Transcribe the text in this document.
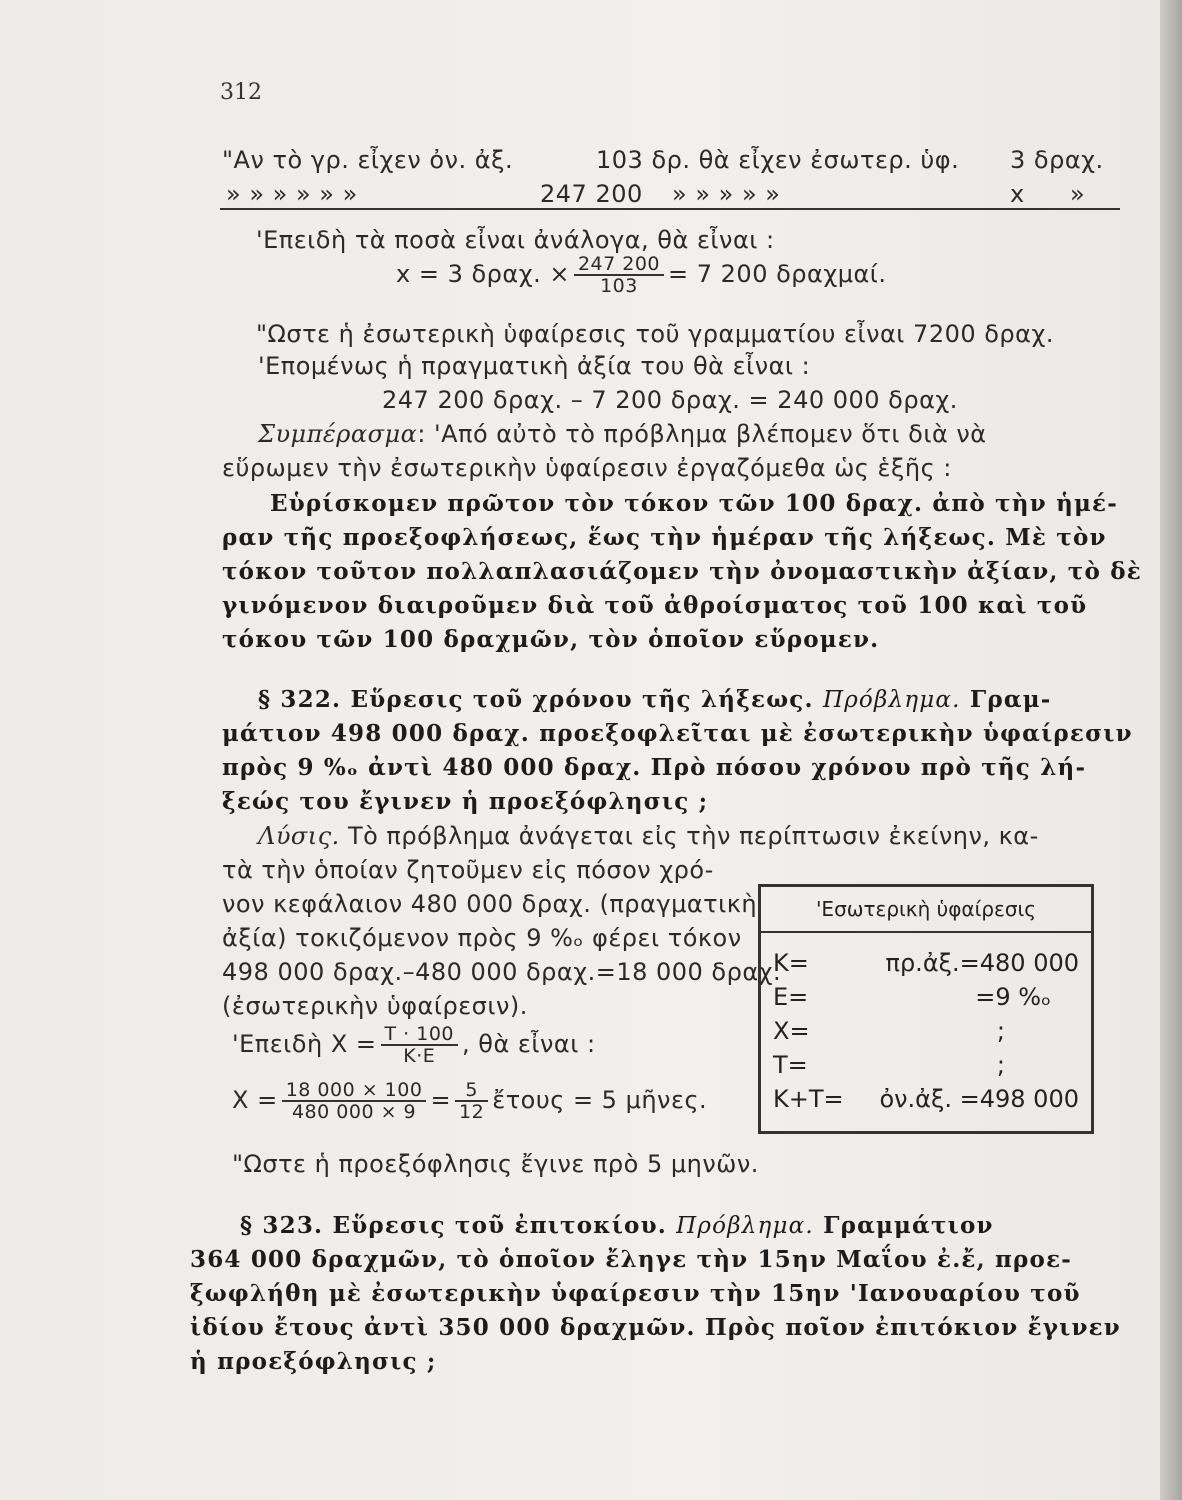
312
"Αν τὸ γρ. εἶχεν ὀν. ἀξ.	103 δρ. θὰ εἶχεν ἐσωτερ. ὑφ. 3 δραχ.
» » » » » »	247 200 » » » » »	x »
'Επειδὴ τὰ ποσὰ εἶναι ἀνάλογα, θὰ εἶναι :
x = 3 δραχ. × $\frac{247 200}{103} = 7$ 200 δραχμαί.
"Ωστε ἡ ἐσωτερικὴ ὑφαίρεσις τοῦ γραμματίου εἶναι 7200 δραχ.
'Επομένως ἡ πραγματικὴ ἀξία του θὰ εἶναι :
247 200 δραχ. – 7 200 δραχ. = 240 000 δραχ.
Συμπέρασμα: 'Από αὐτὸ τὸ πρόβλημα βλέπομεν ὅτι διὰ νὰ
εὕρωμεν τὴν ἐσωτερικὴν ὑφαίρεσιν ἐργαζόμεθα ὡς ἑξῆς :
Εὑρίσκομεν πρῶτον τὸν τόκον τῶν 100 δραχ. ἀπὸ τὴν ἡμέ-
ραν τῆς προεξοφλήσεως, ἕως τὴν ἡμέραν τῆς λήξεως. Μὲ τὸν
τόκον τοῦτον πολλαπλασιάζομεν τὴν ὀνομαστικὴν ἀξίαν, τὸ δὲ
γινόμενον διαιροῦμεν διὰ τοῦ ἀθροίσματος τοῦ 100 καὶ τοῦ
τόκου τῶν 100 δραχμῶν, τὸν ὁποῖον εὕρομεν.
§ 322. Εὕρεσις τοῦ χρόνου τῆς λήξεως. Πρόβλημα. Γραμ-
μάτιον 498 000 δραχ. προεξοφλεῖται μὲ ἐσωτερικὴν ὑφαίρεσιν
πρὸς 9 %ₒ ἀντὶ 480 000 δραχ. Πρὸ πόσου χρόνου πρὸ τῆς λή-
ξεώς του ἔγινεν ἡ προεξόφλησις ;
Λύσις. Τὸ πρόβλημα ἀνάγεται εἰς τὴν περίπτωσιν ἐκείνην, κα-
τὰ τὴν ὁποίαν ζητοῦμεν εἰς πόσον χρό-
νον κεφάλαιον 480 000 δραχ. (πραγματικὴ
ἀξία) τοκιζόμενον πρὸς 9 %ₒ φέρει τόκον
498 000 δραχ.–480 000 δραχ.=18 000 δραχ.
(ἐσωτερικὴν ὑφαίρεσιν).
'Επειδὴ $X = \frac{T \cdot 100}{K\cdot E}$ , θὰ εἶναι :
$X = \frac{18 000 \times 100}{480 000 \times 9} = \frac{5}{12}$ ἔτους = 5 μῆνες.
"Ωστε ἡ προεξόφλησις ἔγινε πρὸ 5 μηνῶν.
'Εσωτερικὴ ὑφαίρεσις
K=	πρ.ἀξ.=480 000
E=	=9 %ₒ
X=	;
T=	;
K+T= ὀν.ἀξ. =498 000
§ 323. Εὕρεσις τοῦ ἐπιτοκίου. Πρόβλημα. Γραμμάτιον
364 000 δραχμῶν, τὸ ὁποῖον ἔληγε τὴν 15ην Μαΐου ἐ.ἔ, προε-
ξωφλήθη μὲ ἐσωτερικὴν ὑφαίρεσιν τὴν 15ην 'Ιανουαρίου τοῦ
ἰδίου ἔτους ἀντὶ 350 000 δραχμῶν. Πρὸς ποῖον ἐπιτόκιον ἔγινεν
ἡ προεξόφλησις ;
